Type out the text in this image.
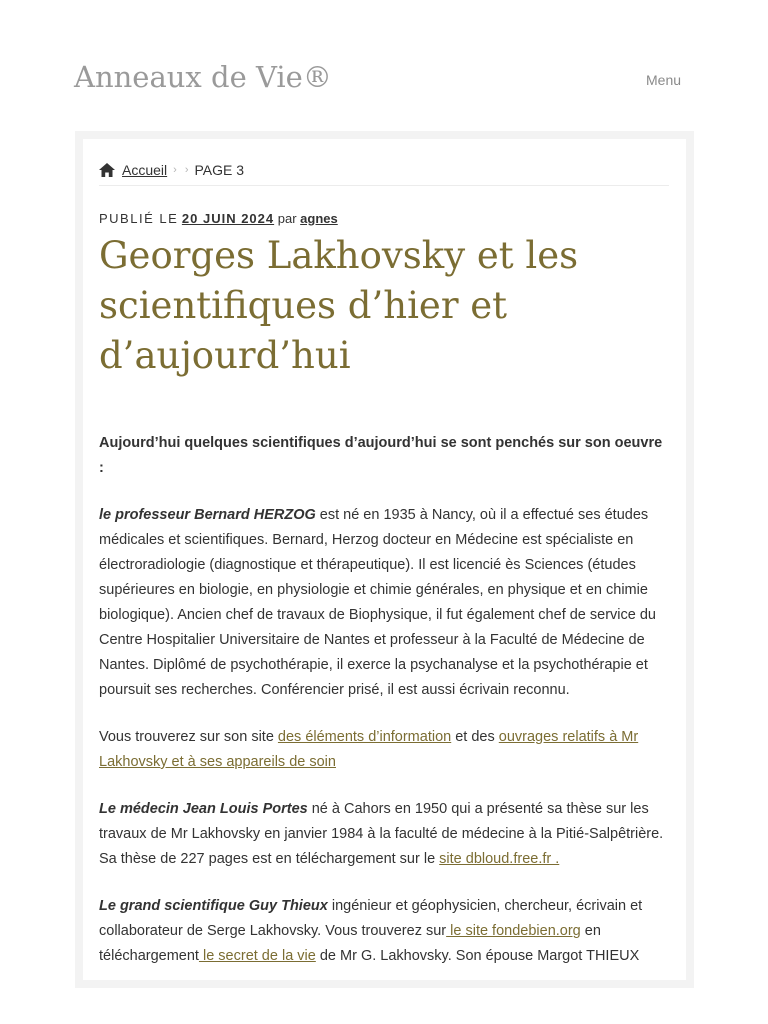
Anneaux de Vie®	Menu
Accueil › › PAGE 3
PUBLIÉ LE 20 JUIN 2024 par agnes
Georges Lakhovsky et les scientifiques d’hier et d’aujourd’hui

Aujourd’hui quelques scientifiques d’aujourd’hui se sont penchés sur son oeuvre :

le professeur Bernard HERZOG est né en 1935 à Nancy, où il a effectué ses études médicales et scientifiques. Bernard, Herzog docteur en Médecine est spécialiste en électroradiologie (diagnostique et thérapeutique). Il est licencié ès Sciences (études supérieures en biologie, en physiologie et chimie générales, en physique et en chimie biologique). Ancien chef de travaux de Biophysique, il fut également chef de service du Centre Hospitalier Universitaire de Nantes et professeur à la Faculté de Médecine de Nantes. Diplômé de psychothérapie, il exerce la psychanalyse et la psychothérapie et poursuit ses recherches. Conférencier prisé, il est aussi écrivain reconnu.

Vous trouverez sur son site des éléments d’information et des ouvrages relatifs à Mr Lakhovsky et à ses appareils de soin

Le médecin Jean Louis Portes né à Cahors en 1950 qui a présenté sa thèse sur les travaux de Mr Lakhovsky en janvier 1984 à la faculté de médecine à la Pitié-Salpêtrière. Sa thèse de 227 pages est en téléchargement sur le site dbloud.free.fr .

Le grand scientifique Guy Thieux ingénieur et géophysicien, chercheur, écrivain et collaborateur de Serge Lakhovsky. Vous trouverez sur le site fondebien.org en téléchargement le secret de la vie de Mr G. Lakhovsky. Son épouse Margot THIEUX
